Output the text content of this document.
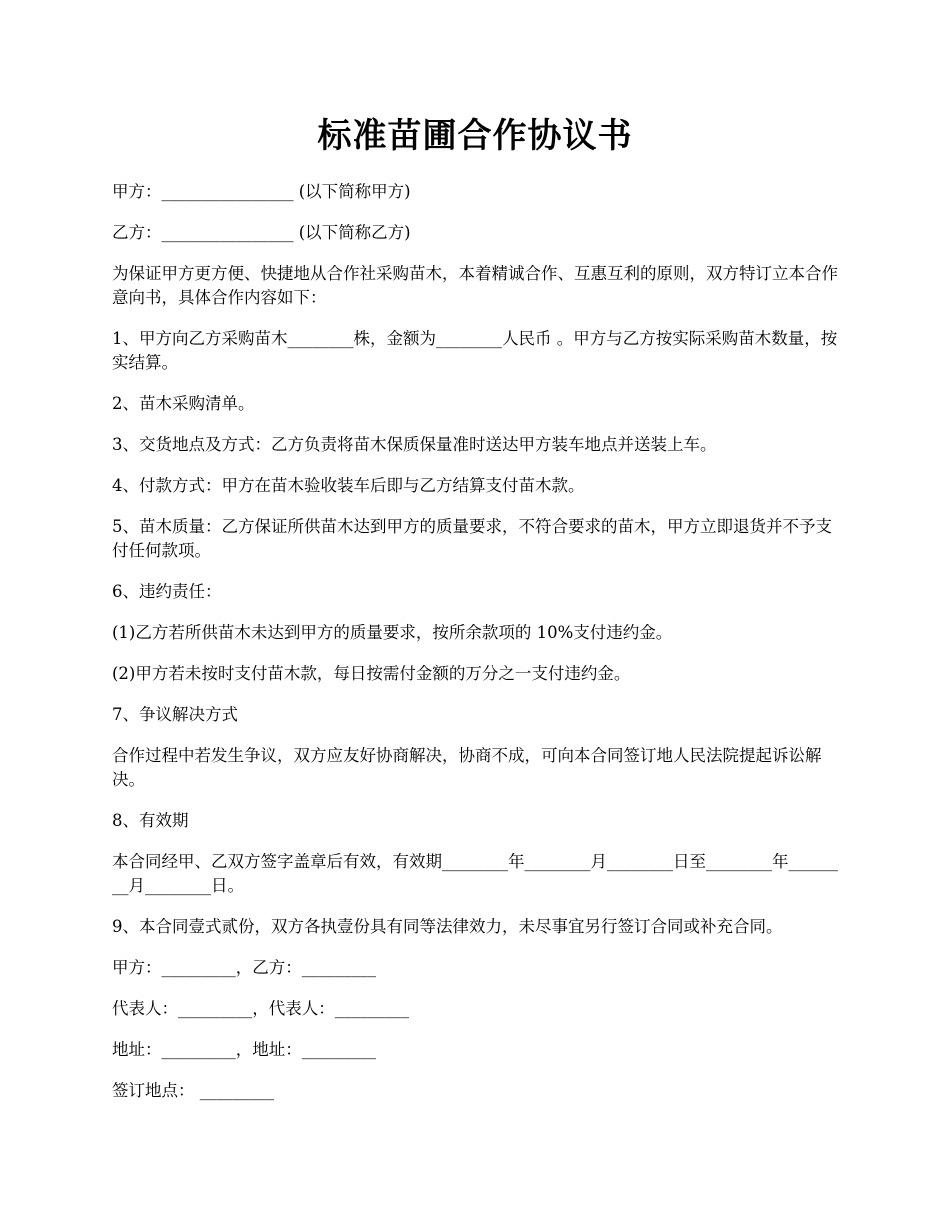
标准苗圃合作协议书

甲方：________________ (以下简称甲方)

乙方：________________ (以下简称乙方)

为保证甲方更方便、快捷地从合作社采购苗木，本着精诚合作、互惠互利的原则，双方特订立本合作意向书，具体合作内容如下：

1、甲方向乙方采购苗木________株，金额为________人民币 。甲方与乙方按实际采购苗木数量，按实结算。

2、苗木采购清单。

3、交货地点及方式：乙方负责将苗木保质保量准时送达甲方装车地点并送装上车。

4、付款方式：甲方在苗木验收装车后即与乙方结算支付苗木款。

5、苗木质量：乙方保证所供苗木达到甲方的质量要求，不符合要求的苗木，甲方立即退货并不予支付任何款项。

6、违约责任：

(1)乙方若所供苗木未达到甲方的质量要求，按所余款项的 10%支付违约金。

(2)甲方若未按时支付苗木款，每日按需付金额的万分之一支付违约金。

7、争议解决方式

合作过程中若发生争议，双方应友好协商解决，协商不成，可向本合同签订地人民法院提起诉讼解决。

8、有效期

本合同经甲、乙双方签字盖章后有效，有效期________年________月________日至________年________月________日。

9、本合同壹式贰份，双方各执壹份具有同等法律效力，未尽事宜另行签订合同或补充合同。

甲方：_________，乙方：_________

代表人：_________，代表人：_________

地址：_________，地址：_________

签订地点： _________
